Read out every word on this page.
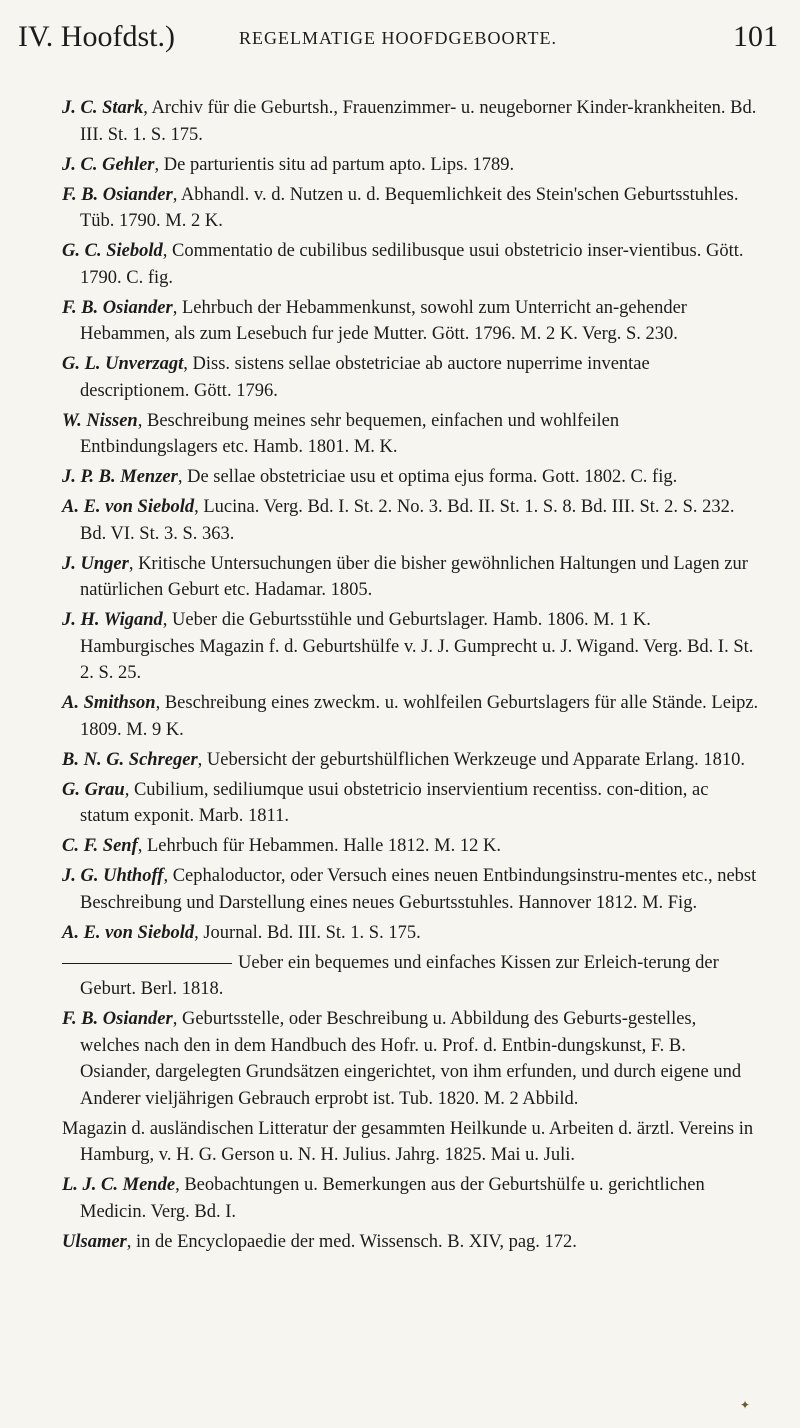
IV. Hoofdst.)	REGELMATIGE HOOFDGEBOORTE.	101
J. C. Stark, Archiv für die Geburtsh., Frauenzimmer- u. neugeborner Kinder-krankheiten. Bd. III. St. 1. S. 175.
J. C. Gehler, De parturientis situ ad partum apto. Lips. 1789.
F. B. Osiander, Abhandl. v. d. Nutzen u. d. Bequemlichkeit des Stein'schen Geburtsstuhles. Tüb. 1790. M. 2 K.
G. C. Siebold, Commentatio de cubilibus sedilibusque usui obstetricio inser-vientibus. Gött. 1790. C. fig.
F. B. Osiander, Lehrbuch der Hebammenkunst, sowohl zum Unterricht an-gehender Hebammen, als zum Lesebuch fur jede Mutter. Gött. 1796. M. 2 K. Verg. S. 230.
G. L. Unverzagt, Diss. sistens sellae obstetriciae ab auctore nuperrime inventae descriptionem. Gött. 1796.
W. Nissen, Beschreibung meines sehr bequemen, einfachen und wohlfeilen Entbindungslagers etc. Hamb. 1801. M. K.
J. P. B. Menzer, De sellae obstetriciae usu et optima ejus forma. Gott. 1802. C. fig.
A. E. von Siebold, Lucina. Verg. Bd. I. St. 2. No. 3. Bd. II. St. 1. S. 8. Bd. III. St. 2. S. 232. Bd. VI. St. 3. S. 363.
J. Unger, Kritische Untersuchungen über die bisher gewöhnlichen Haltungen und Lagen zur natürlichen Geburt etc. Hadamar. 1805.
J. H. Wigand, Ueber die Geburtsstühle und Geburtslager. Hamb. 1806. M. 1 K. Hamburgisches Magazin f. d. Geburtshülfe v. J. J. Gumprecht u. J. Wigand. Verg. Bd. I. St. 2. S. 25.
A. Smithson, Beschreibung eines zweckm. u. wohlfeilen Geburtslagers für alle Stände. Leipz. 1809. M. 9 K.
B. N. G. Schreger, Uebersicht der geburtshülflichen Werkzeuge und Apparate Erlang. 1810.
G. Grau, Cubilium, sediliumque usui obstetricio inservientium recentiss. con-dition, ac statum exponit. Marb. 1811.
C. F. Senf, Lehrbuch für Hebammen. Halle 1812. M. 12 K.
J. G. Uhthoff, Cephaloductor, oder Versuch eines neuen Entbindungsinstru-mentes etc., nebst Beschreibung und Darstellung eines neues Geburtsstuhles. Hannover 1812. M. Fig.
A. E. von Siebold, Journal. Bd. III. St. 1. S. 175.
Ueber ein bequemes und einfaches Kissen zur Erleich-terung der Geburt. Berl. 1818.
F. B. Osiander, Geburtsstelle, oder Beschreibung u. Abbildung des Geburts-gestelles, welches nach den in dem Handbuch des Hofr. u. Prof. d. Entbin-dungskunst, F. B. Osiander, dargelegten Grundsätzen eingerichtet, von ihm erfunden, und durch eigene und Anderer vieljährigen Gebrauch erprobt ist. Tub. 1820. M. 2 Abbild.
Magazin d. ausländischen Litteratur der gesammten Heilkunde u. Arbeiten d. ärztl. Vereins in Hamburg, v. H. G. Gerson u. N. H. Julius. Jahrg. 1825. Mai u. Juli.
L. J. C. Mende, Beobachtungen u. Bemerkungen aus der Geburtshülfe u. gerichtlichen Medicin. Verg. Bd. I.
Ulsamer, in de Encyclopaedie der med. Wissensch. B. XIV, pag. 172.
✦
